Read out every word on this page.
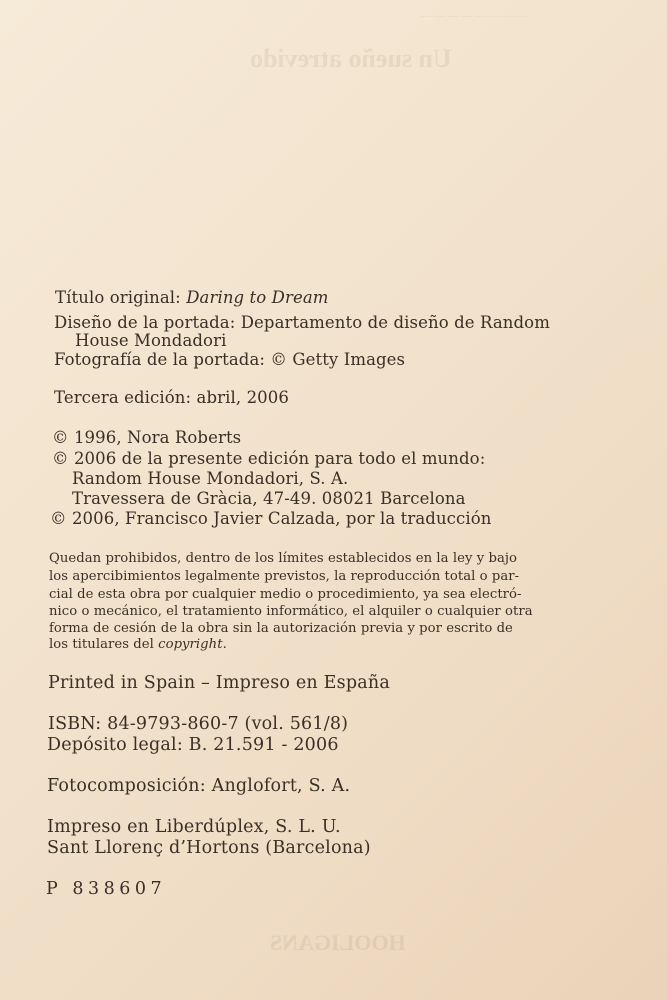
— — — — — — — —
Un sueño atrevido
HOOLIGANS
Título original: Daring to Dream
Diseño de la portada: Departamento de diseño de Random
House Mondadori
Fotografía de la portada: © Getty Images
Tercera edición: abril, 2006
© 1996, Nora Roberts
© 2006 de la presente edición para todo el mundo:
Random House Mondadori, S. A.
Travessera de Gràcia, 47-49. 08021 Barcelona
© 2006, Francisco Javier Calzada, por la traducción
Quedan prohibidos, dentro de los límites establecidos en la ley y bajo
los apercibimientos legalmente previstos, la reproducción total o par-
cial de esta obra por cualquier medio o procedimiento, ya sea electró-
nico o mecánico, el tratamiento informático, el alquiler o cualquier otra
forma de cesión de la obra sin la autorización previa y por escrito de
los titulares del copyright.
Printed in Spain – Impreso en España
ISBN: 84-9793-860-7 (vol. 561/8)
Depósito legal: B. 21.591 - 2006
Fotocomposición: Anglofort, S. A.
Impreso en Liberdúplex, S. L. U.
Sant Llorenç d’Hortons (Barcelona)
P 838607
